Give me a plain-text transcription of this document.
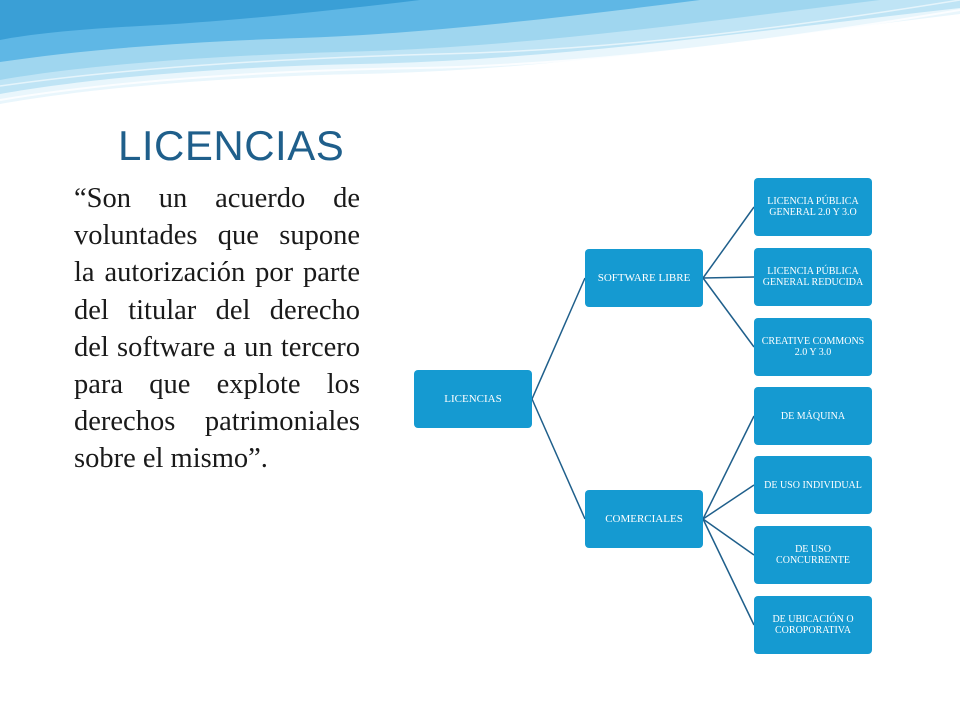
LICENCIAS
“Son un acuerdo de voluntades que supone la autorización por parte del titular del derecho del software a un tercero para que explote los derechos patrimoniales sobre el mismo”.
LICENCIAS
SOFTWARE LIBRE
COMERCIALES
LICENCIA PÚBLICA GENERAL 2.0 Y 3.O
LICENCIA PÚBLICA GENERAL REDUCIDA
CREATIVE COMMONS 2.0 Y 3.0
DE MÁQUINA
DE USO INDIVIDUAL
DE USO CONCURRENTE
DE UBICACIÓN O COROPORATIVA
